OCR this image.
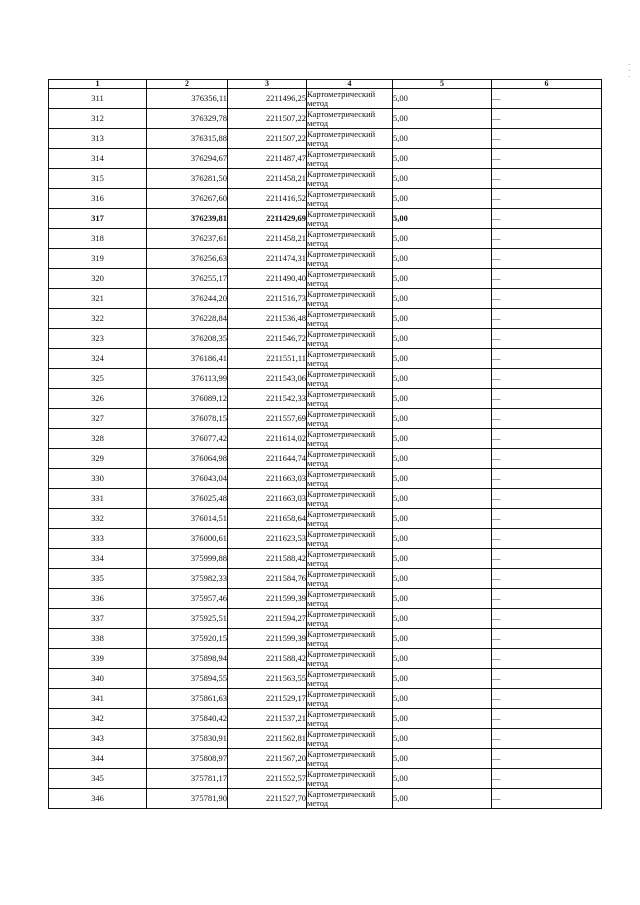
·
·
·
1	2	3	4	5	6
311	376356,11	2211496,25	Картометрический метод	5,00	—
312	376329,78	2211507,22	Картометрический метод	5,00	—
313	376315,88	2211507,22	Картометрический метод	5,00	—
314	376294,67	2211487,47	Картометрический метод	5,00	—
315	376281,50	2211458,21	Картометрический метод	5,00	—
316	376267,60	2211416,52	Картометрический метод	5,00	—
317	376239,81	2211429,69	Картометрический метод	5,00	—
318	376237,61	2211458,21	Картометрический метод	5,00	—
319	376256,63	2211474,31	Картометрический метод	5,00	—
320	376255,17	2211490,40	Картометрический метод	5,00	—
321	376244,20	2211516,73	Картометрический метод	5,00	—
322	376228,84	2211536,48	Картометрический метод	5,00	—
323	376208,35	2211546,72	Картометрический метод	5,00	—
324	376186,41	2211551,11	Картометрический метод	5,00	—
325	376113,99	2211543,06	Картометрический метод	5,00	—
326	376089,12	2211542,33	Картометрический метод	5,00	—
327	376078,15	2211557,69	Картометрический метод	5,00	—
328	376077,42	2211614,02	Картометрический метод	5,00	—
329	376064,98	2211644,74	Картометрический метод	5,00	—
330	376043,04	2211663,03	Картометрический метод	5,00	—
331	376025,48	2211663,03	Картометрический метод	5,00	—
332	376014,51	2211658,64	Картометрический метод	5,00	—
333	376000,61	2211623,53	Картометрический метод	5,00	—
334	375999,88	2211588,42	Картометрический метод	5,00	—
335	375982,33	2211584,76	Картометрический метод	5,00	—
336	375957,46	2211599,39	Картометрический метод	5,00	—
337	375925,51	2211594,27	Картометрический метод	5,00	—
338	375920,15	2211599,39	Картометрический метод	5,00	—
339	375898,94	2211588,42	Картометрический метод	5,00	—
340	375894,55	2211563,55	Картометрический метод	5,00	—
341	375861,63	2211529,17	Картометрический метод	5,00	—
342	375840,42	2211537,21	Картометрический метод	5,00	—
343	375830,91	2211562,81	Картометрический метод	5,00	—
344	375808,97	2211567,20	Картометрический метод	5,00	—
345	375781,17	2211552,57	Картометрический метод	5,00	—
346	375781,90	2211527,70	Картометрический метод	5,00	—
